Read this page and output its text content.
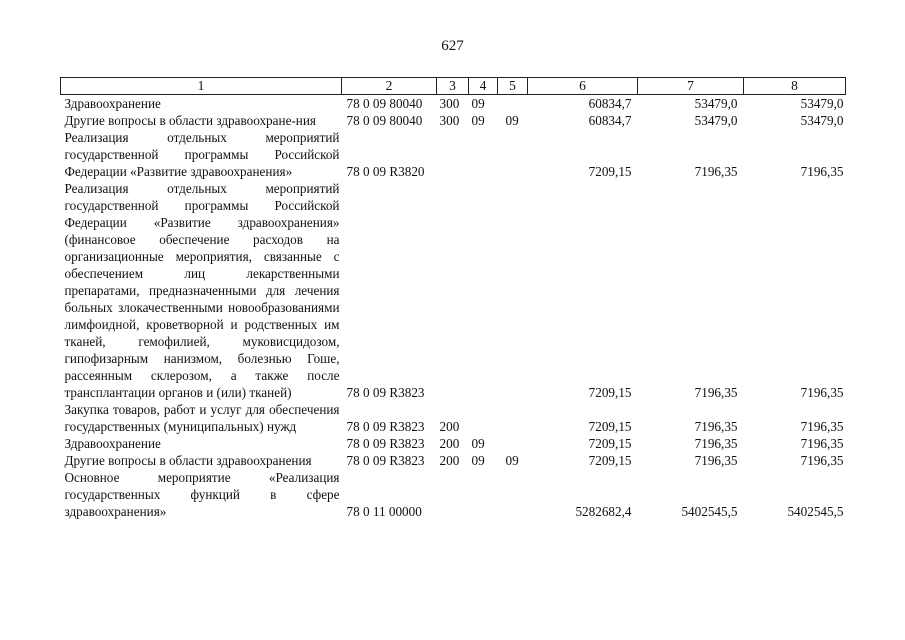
627
1	2	3	4	5	6	7	8
Здравоохранение	78 0 09 80040	300	09		60834,7	53479,0	53479,0
Другие вопросы в области здравоохране-ния	78 0 09 80040	300	09	09	60834,7	53479,0	53479,0
Реализация отдельных мероприятий государственной программы Российской Федерации «Развитие здравоохранения»	78 0 09 R3820				7209,15	7196,35	7196,35
Реализация отдельных мероприятий государственной программы Российской Федерации «Развитие здравоохранения» (финансовое обеспечение расходов на организационные мероприятия, связанные с обеспечением лиц лекарственными препаратами, предназначенными для лечения больных злокачественными новообразованиями лимфоидной, кроветворной и родственных им тканей, гемофилией, муковисцидозом, гипофизарным нанизмом, болезнью Гоше, рассеянным склерозом, а также после трансплантации органов и (или) тканей)	78 0 09 R3823				7209,15	7196,35	7196,35
Закупка товаров, работ и услуг для обеспечения государственных (муниципальных) нужд	78 0 09 R3823	200			7209,15	7196,35	7196,35
Здравоохранение	78 0 09 R3823	200	09		7209,15	7196,35	7196,35
Другие вопросы в области здравоохранения	78 0 09 R3823	200	09	09	7209,15	7196,35	7196,35
Основное мероприятие «Реализация государственных функций в сфере здравоохранения»	78 0 11 00000				5282682,4	5402545,5	5402545,5
